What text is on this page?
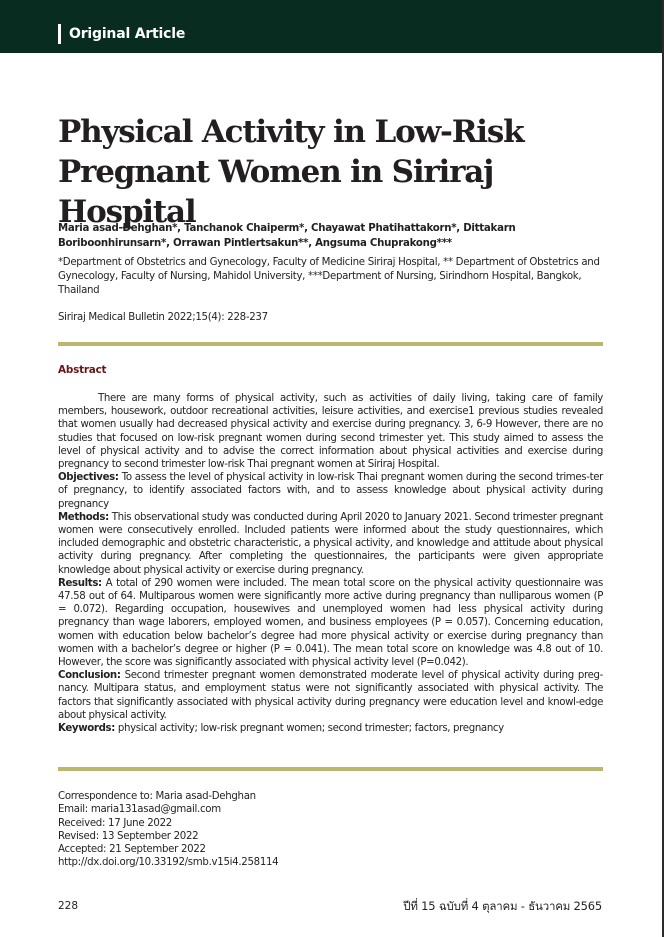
Original Article
Physical Activity in Low-Risk Pregnant Women in Siriraj Hospital
Maria asad-Dehghan*, Tanchanok Chaiperm*, Chayawat Phatihattakorn*, Dittakarn Boriboonhirunsarn*, Orrawan Pintlertsakun**, Angsuma Chuprakong***
*Department of Obstetrics and Gynecology, Faculty of Medicine Siriraj Hospital, ** Department of Obstetrics and Gynecology, Faculty of Nursing, Mahidol University, ***Department of Nursing, Sirindhorn Hospital, Bangkok, Thailand
Siriraj Medical Bulletin 2022;15(4): 228-237
Abstract

There are many forms of physical activity, such as activities of daily living, taking care of family members, housework, outdoor recreational activities, leisure activities, and exercise1 previous studies revealed that women usually had decreased physical activity and exercise during pregnancy. 3, 6-9 However, there are no studies that focused on low-risk pregnant women during second trimester yet. This study aimed to assess the level of physical activity and to advise the correct information about physical activities and exercise during pregnancy to second trimester low-risk Thai pregnant women at Siriraj Hospital.

Objectives: To assess the level of physical activity in low-risk Thai pregnant women during the second trimes-ter of pregnancy, to identify associated factors with, and to assess knowledge about physical activity during pregnancy

Methods: This observational study was conducted during April 2020 to January 2021. Second trimester pregnant women were consecutively enrolled. Included patients were informed about the study questionnaires, which included demographic and obstetric characteristic, a physical activity, and knowledge and attitude about physical activity during pregnancy. After completing the questionnaires, the participants were given appropriate knowledge about physical activity or exercise during pregnancy.

Results: A total of 290 women were included. The mean total score on the physical activity questionnaire was 47.58 out of 64. Multiparous women were significantly more active during pregnancy than nulliparous women (P = 0.072). Regarding occupation, housewives and unemployed women had less physical activity during pregnancy than wage laborers, employed women, and business employees (P = 0.057). Concerning education, women with education below bachelor’s degree had more physical activity or exercise during pregnancy than women with a bachelor’s degree or higher (P = 0.041). The mean total score on knowledge was 4.8 out of 10. However, the score was significantly associated with physical activity level (P=0.042).

Conclusion: Second trimester pregnant women demonstrated moderate level of physical activity during preg-nancy. Multipara status, and employment status were not significantly associated with physical activity. The factors that significantly associated with physical activity during pregnancy were education level and knowl-edge about physical activity.

Keywords: physical activity; low-risk pregnant women; second trimester; factors, pregnancy

Correspondence to: Maria asad-Dehghan
Email: maria131asad@gmail.com
Received: 17 June 2022
Revised: 13 September 2022
Accepted: 21 September 2022
http://dx.doi.org/10.33192/smb.v15i4.258114
228	ปีที่ 15 ฉบับที่ 4 ตุลาคม - ธันวาคม 2565
